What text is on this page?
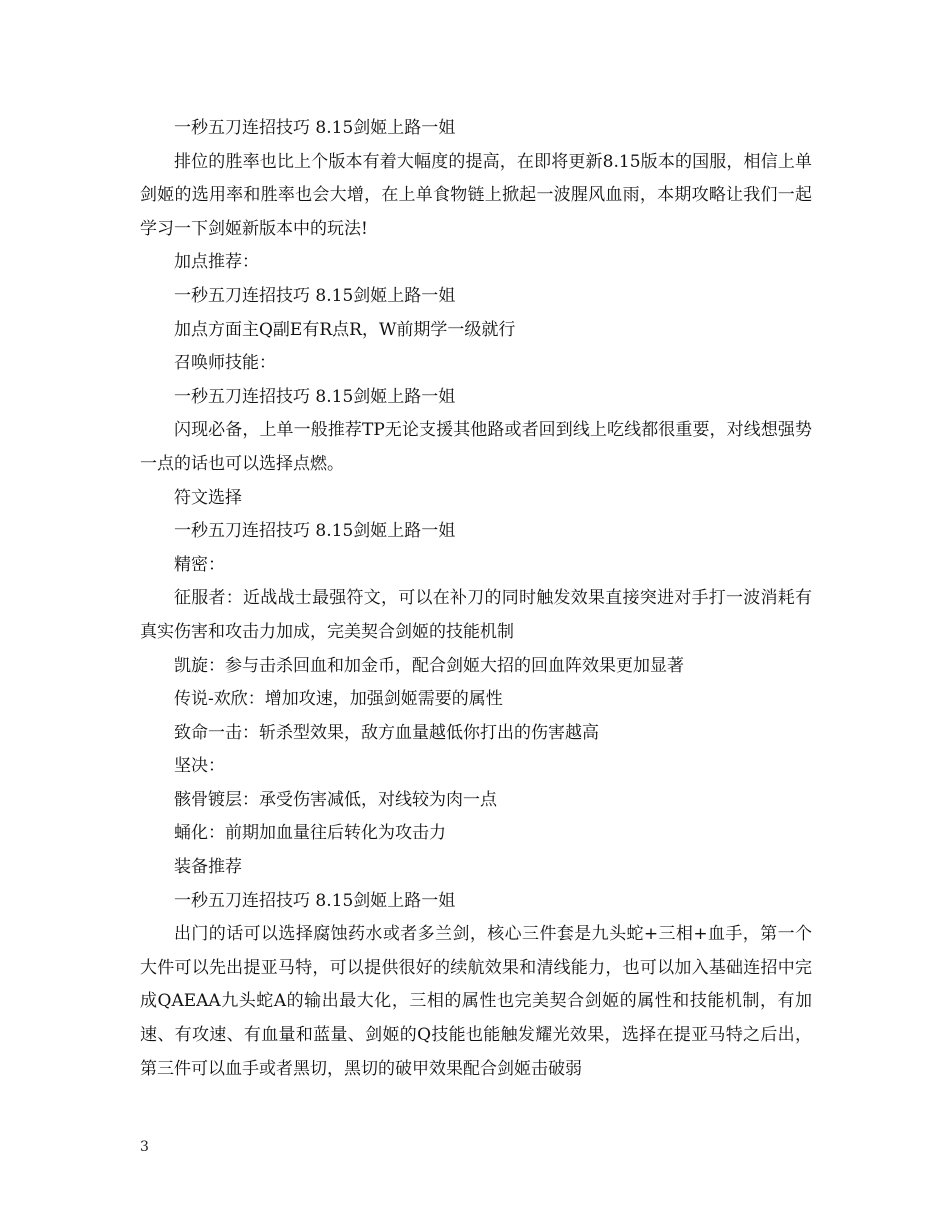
一秒五刀连招技巧 8.15剑姬上路一姐

排位的胜率也比上个版本有着大幅度的提高，在即将更新8.15版本的国服，相信上单剑姬的选用率和胜率也会大增，在上单食物链上掀起一波腥风血雨，本期攻略让我们一起学习一下剑姬新版本中的玩法!

加点推荐：

一秒五刀连招技巧 8.15剑姬上路一姐

加点方面主Q副E有R点R，W前期学一级就行

召唤师技能：

一秒五刀连招技巧 8.15剑姬上路一姐

闪现必备，上单一般推荐TP无论支援其他路或者回到线上吃线都很重要，对线想强势一点的话也可以选择点燃。

符文选择

一秒五刀连招技巧 8.15剑姬上路一姐

精密：

征服者：近战战士最强符文，可以在补刀的同时触发效果直接突进对手打一波消耗有真实伤害和攻击力加成，完美契合剑姬的技能机制

凯旋：参与击杀回血和加金币，配合剑姬大招的回血阵效果更加显著

传说-欢欣：增加攻速，加强剑姬需要的属性

致命一击：斩杀型效果，敌方血量越低你打出的伤害越高

坚决：

骸骨镀层：承受伤害减低，对线较为肉一点

蛹化：前期加血量往后转化为攻击力

装备推荐

一秒五刀连招技巧 8.15剑姬上路一姐

出门的话可以选择腐蚀药水或者多兰剑，核心三件套是九头蛇+三相+血手，第一个大件可以先出提亚马特，可以提供很好的续航效果和清线能力，也可以加入基础连招中完成QAEAA九头蛇A的输出最大化，三相的属性也完美契合剑姬的属性和技能机制，有加速、有攻速、有血量和蓝量、剑姬的Q技能也能触发耀光效果，选择在提亚马特之后出，第三件可以血手或者黑切，黑切的破甲效果配合剑姬击破弱

3
